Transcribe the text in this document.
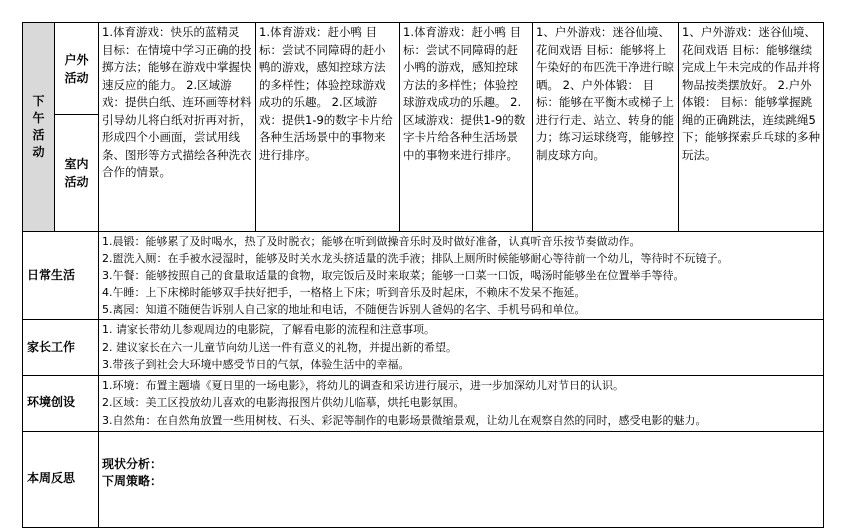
下午活动	户外活动	1.体育游戏：快乐的蓝精灵 目标：在情境中学习正确的投掷方法；能够在游戏中掌握快速反应的能力。 2.区域游戏：提供白纸、连环画等材料引导幼儿将白纸对折再对折，形成四个小画面，尝试用线条、图形等方式描绘各种洗衣合作的情景。	1.体育游戏：赶小鸭 目标：尝试不同障碍的赶小鸭的游戏，感知控球方法的多样性；体验控球游戏成功的乐趣。 2.区域游戏：提供1-9的数字卡片给各种生活场景中的事物来进行排序。	1.体育游戏：赶小鸭 目标：尝试不同障碍的赶小鸭的游戏，感知控球方法的多样性；体验控球游戏成功的乐趣。 2.区域游戏：提供1-9的数字卡片给各种生活场景中的事物来进行排序。	1、户外游戏：迷谷仙境、花间戏语 目标：能够将上午染好的布匹洗干净进行晾晒。 2、户外体锻： 目标：能够在平衡木或梯子上进行行走、站立、转身的能力；练习运球绕弯，能够控制皮球方向。	1、户外游戏：迷谷仙境、花间戏语 目标：能够继续完成上午未完成的作品并将物品按类摆放好。 2.户外体锻： 目标：能够掌握跳绳的正确跳法，连续跳绳5下；能够探索乒乓球的多种玩法。

	室内活动					
日常生活		1.晨锻：能够累了及时喝水，热了及时脱衣；能够在听到做操音乐时及时做好准备，认真听音乐按节奏做动作。
2.盥洗入厕：在手被水浸湿时，能够及时关水龙头挤适量的洗手液；排队上厕所时候能够耐心等待前一个幼儿，等待时不玩镜子。
3.午餐：能够按照自己的食量取适量的食物，取完饭后及时来取菜；能够一口菜一口饭，喝汤时能够坐在位置举手等待。
4.午睡：上下床梯时能够双手扶好把手，一格格上下床；听到音乐及时起床，不赖床不发呆不拖延。
5.离园：知道不随便告诉别人自己家的地址和电话，不随便告诉别人爸妈的名字、手机号码和单位。				

家长工作		1. 请家长带幼儿参观周边的电影院，了解看电影的流程和注意事项。
2. 建议家长在六一儿童节向幼儿送一件有意义的礼物，并提出新的希望。
3.带孩子到社会大环境中感受节日的气氛，体验生活中的幸福。				

环境创设		1.环境：布置主题墙《夏日里的一场电影》，将幼儿的调查和采访进行展示，进一步加深幼儿对节日的认识。
2.区域：美工区投放幼儿喜欢的电影海报图片供幼儿临摹，烘托电影氛围。
3.自然角：在自然角放置一些用树枝、石头、彩泥等制作的电影场景微缩景观，让幼儿在观察自然的同时，感受电影的魅力。				

本周反思		现状分析：
下周策略：				
